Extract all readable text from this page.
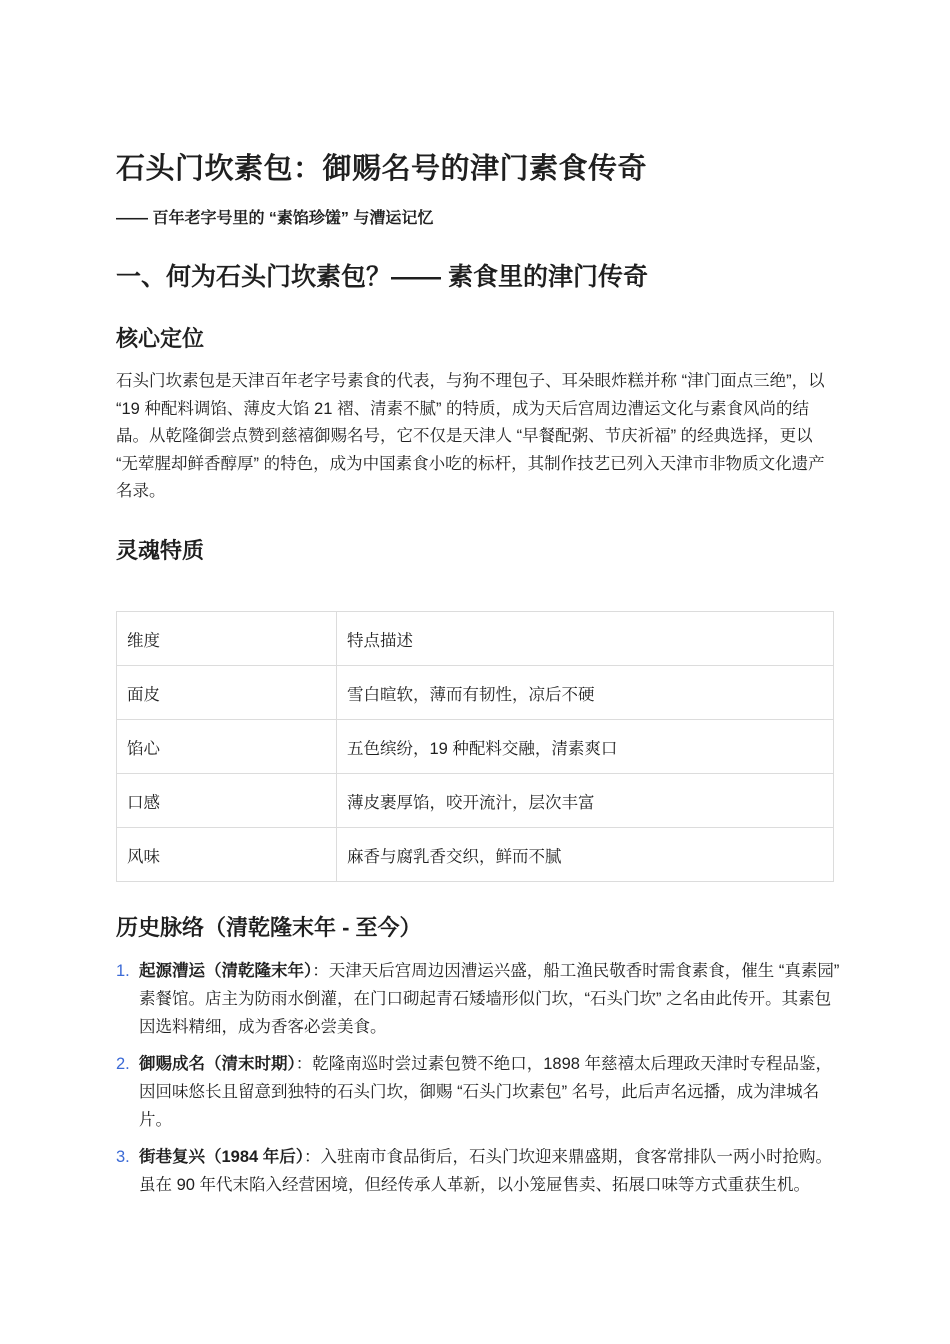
石头门坎素包：御赐名号的津门素食传奇
—— 百年老字号里的 “素馅珍馐” 与漕运记忆
一、何为石头门坎素包？—— 素食里的津门传奇
核心定位

石头门坎素包是天津百年老字号素食的代表，与狗不理包子、耳朵眼炸糕并称 “津门面点三绝”，以 “19 种配料调馅、薄皮大馅 21 褶、清素不腻” 的特质，成为天后宫周边漕运文化与素食风尚的结晶。从乾隆御尝点赞到慈禧御赐名号，它不仅是天津人 “早餐配粥、节庆祈福” 的经典选择，更以 “无荤腥却鲜香醇厚” 的特色，成为中国素食小吃的标杆，其制作技艺已列入天津市非物质文化遗产名录。

灵魂特质
维度	特点描述
面皮	雪白暄软，薄而有韧性，凉后不硬
馅心	五色缤纷，19 种配料交融，清素爽口
口感	薄皮裹厚馅，咬开流汁，层次丰富
风味	麻香与腐乳香交织，鲜而不腻
历史脉络（清乾隆末年 - 至今）
1. 起源漕运（清乾隆末年）：天津天后宫周边因漕运兴盛，船工渔民敬香时需食素食，催生 “真素园” 素餐馆。店主为防雨水倒灌，在门口砌起青石矮墙形似门坎，“石头门坎” 之名由此传开。其素包因选料精细，成为香客必尝美食。
2. 御赐成名（清末时期）：乾隆南巡时尝过素包赞不绝口，1898 年慈禧太后理政天津时专程品鉴，因回味悠长且留意到独特的石头门坎，御赐 “石头门坎素包” 名号，此后声名远播，成为津城名片。
3. 街巷复兴（1984 年后）：入驻南市食品街后，石头门坎迎来鼎盛期，食客常排队一两小时抢购。虽在 90 年代末陷入经营困境，但经传承人革新，以小笼屉售卖、拓展口味等方式重获生机。
